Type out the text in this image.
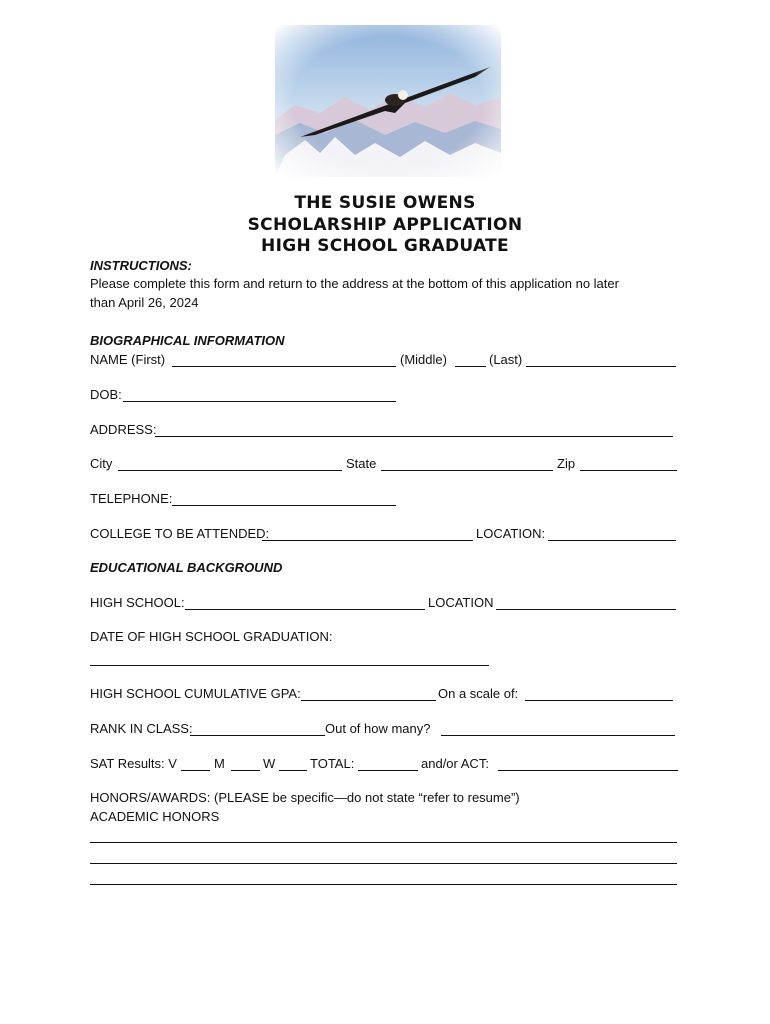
THE SUSIE OWENS
SCHOLARSHIP APPLICATION
HIGH SCHOOL GRADUATE
INSTRUCTIONS:
Please complete this form and return to the address at the bottom of this application no later
than April 26, 2024
BIOGRAPHICAL INFORMATION
NAME (First)	(Middle)	(Last)
DOB:
ADDRESS:
City	State	Zip
TELEPHONE:
COLLEGE TO BE ATTENDED:	LOCATION:
EDUCATIONAL BACKGROUND
HIGH SCHOOL:	LOCATION
DATE OF HIGH SCHOOL GRADUATION:
HIGH SCHOOL CUMULATIVE GPA:	On a scale of:
RANK IN CLASS:	Out of how many?
SAT Results: V	M	W	TOTAL:	and/or ACT:
HONORS/AWARDS: (PLEASE be specific—do not state “refer to resume”)
ACADEMIC HONORS
